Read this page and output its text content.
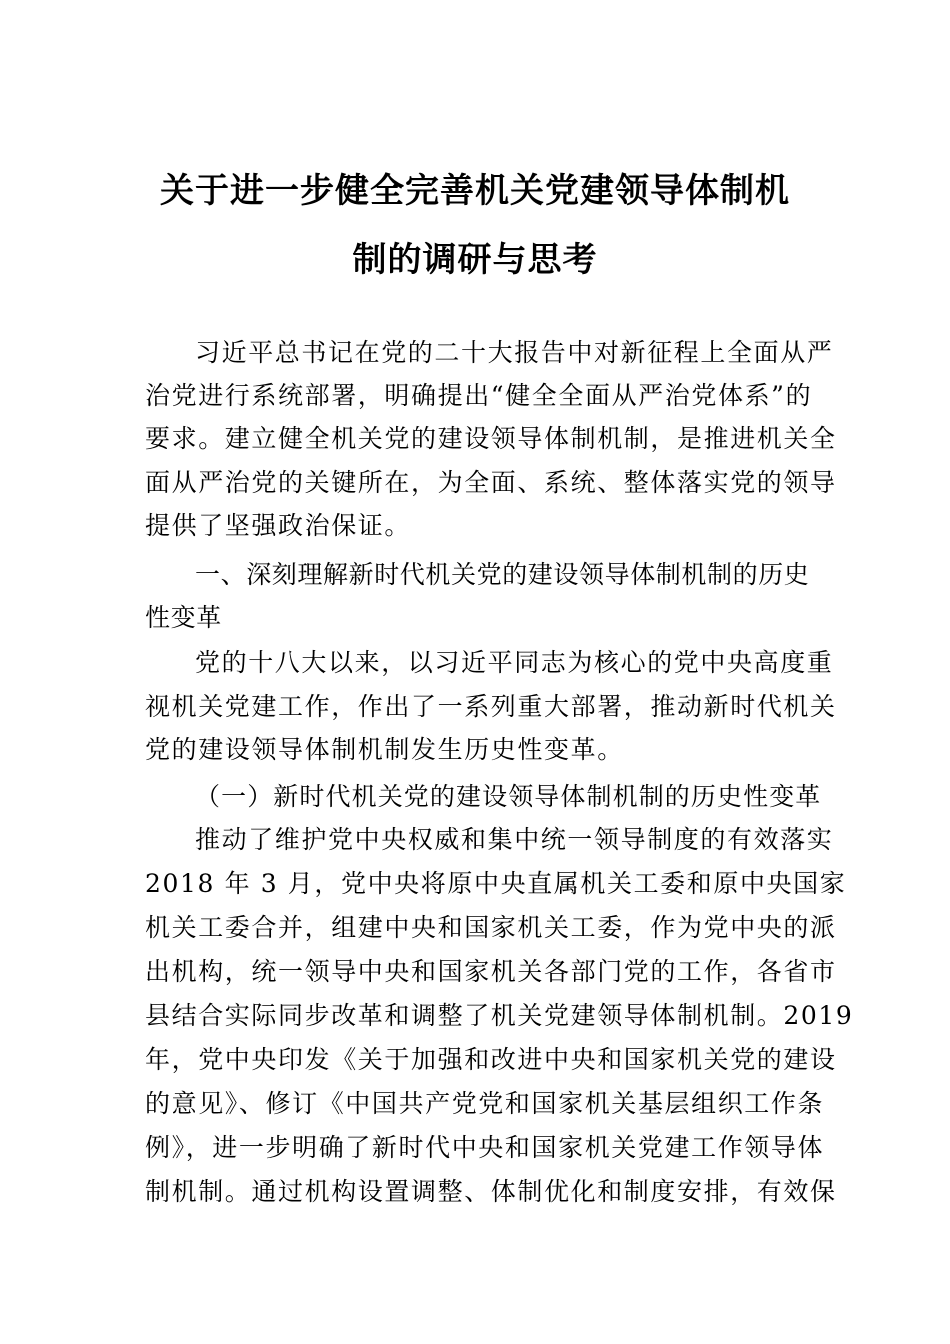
关于进一步健全完善机关党建领导体制机
制的调研与思考
习近平总书记在党的二十大报告中对新征程上全面从严
治党进行系统部署，明确提出“健全全面从严治党体系”的
要求。建立健全机关党的建设领导体制机制，是推进机关全
面从严治党的关键所在，为全面、系统、整体落实党的领导
提供了坚强政治保证。
一、深刻理解新时代机关党的建设领导体制机制的历史
性变革
党的十八大以来，以习近平同志为核心的党中央高度重
视机关党建工作，作出了一系列重大部署，推动新时代机关
党的建设领导体制机制发生历史性变革。
（一）新时代机关党的建设领导体制机制的历史性变革
推动了维护党中央权威和集中统一领导制度的有效落实
2018 年 3 月，党中央将原中央直属机关工委和原中央国家
机关工委合并，组建中央和国家机关工委，作为党中央的派
出机构，统一领导中央和国家机关各部门党的工作，各省市
县结合实际同步改革和调整了机关党建领导体制机制。2019
年，党中央印发《关于加强和改进中央和国家机关党的建设
的意见》、修订《中国共产党党和国家机关基层组织工作条
例》，进一步明确了新时代中央和国家机关党建工作领导体
制机制。通过机构设置调整、体制优化和制度安排，有效保
